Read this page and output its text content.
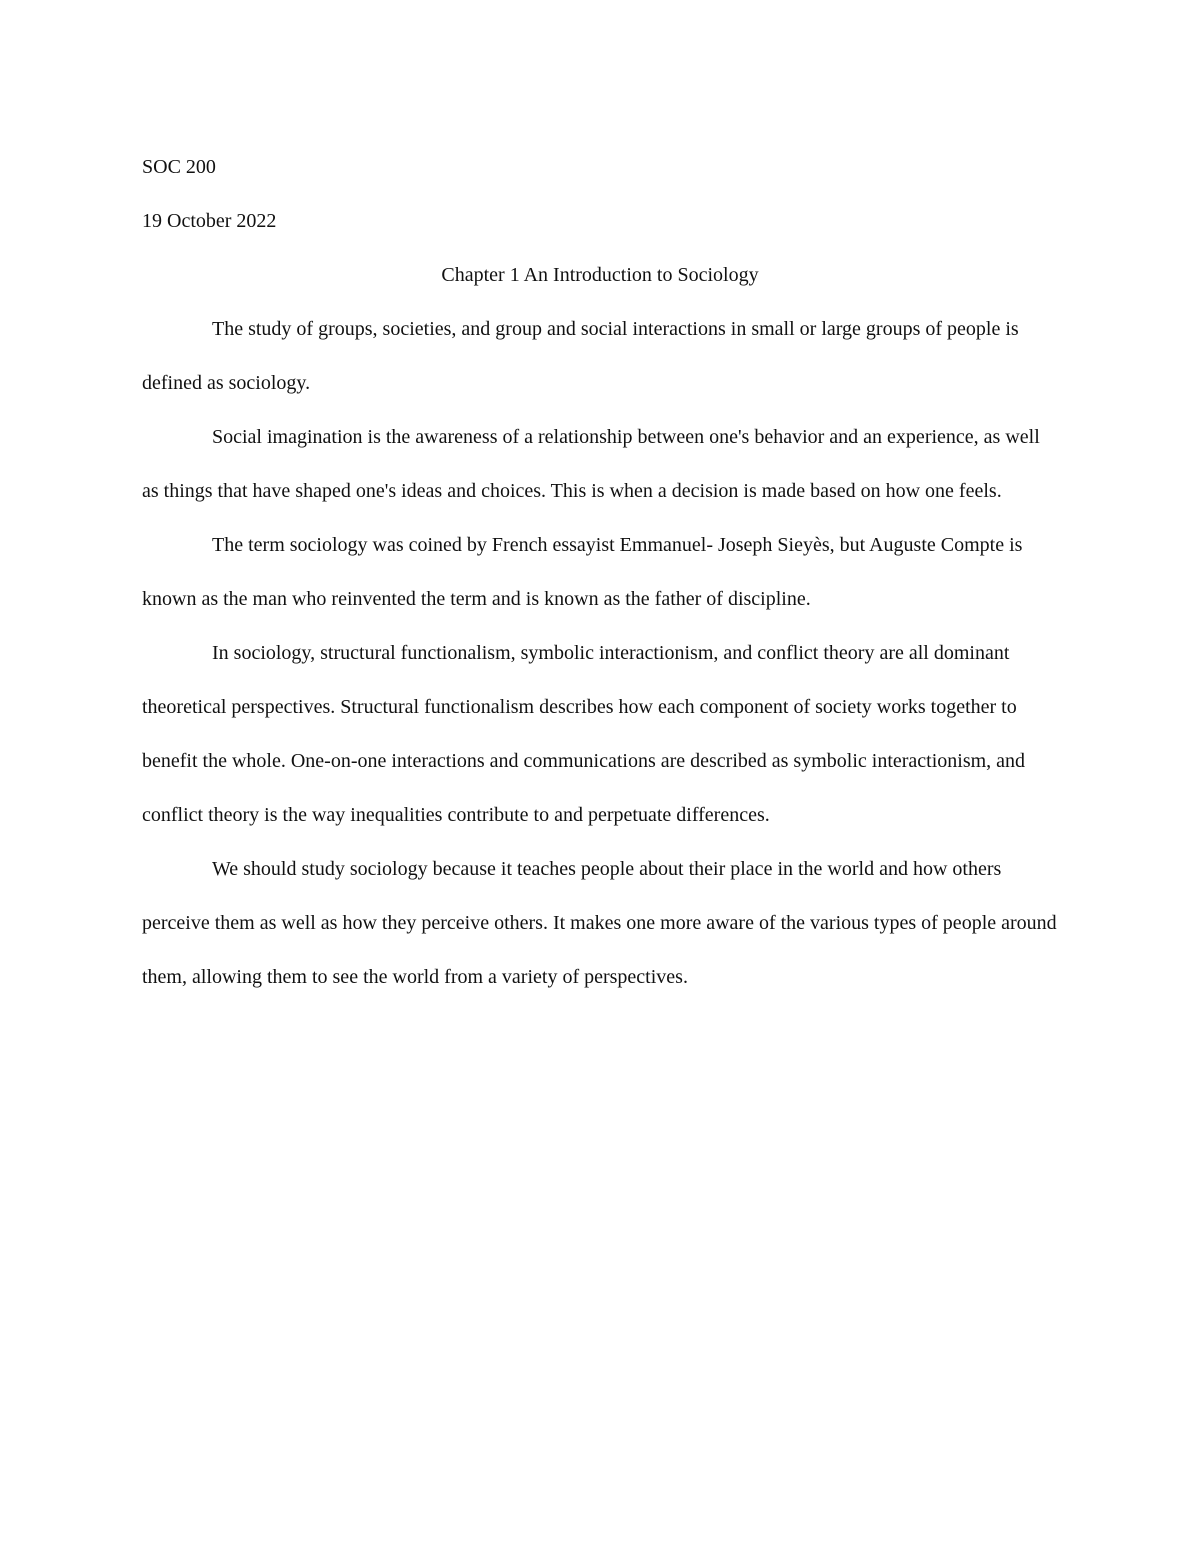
SOC 200
19 October 2022
Chapter 1 An Introduction to Sociology

The study of groups, societies, and group and social interactions in small or large groups of people is defined as sociology.

Social imagination is the awareness of a relationship between one's behavior and an experience, as well as things that have shaped one's ideas and choices. This is when a decision is made based on how one feels.

The term sociology was coined by French essayist Emmanuel- Joseph Sieyès, but Auguste Compte is known as the man who reinvented the term and is known as the father of discipline.

In sociology, structural functionalism, symbolic interactionism, and conflict theory are all dominant theoretical perspectives. Structural functionalism describes how each component of society works together to benefit the whole. One-on-one interactions and communications are described as symbolic interactionism, and conflict theory is the way inequalities contribute to and perpetuate differences.

We should study sociology because it teaches people about their place in the world and how others perceive them as well as how they perceive others. It makes one more aware of the various types of people around them, allowing them to see the world from a variety of perspectives.
